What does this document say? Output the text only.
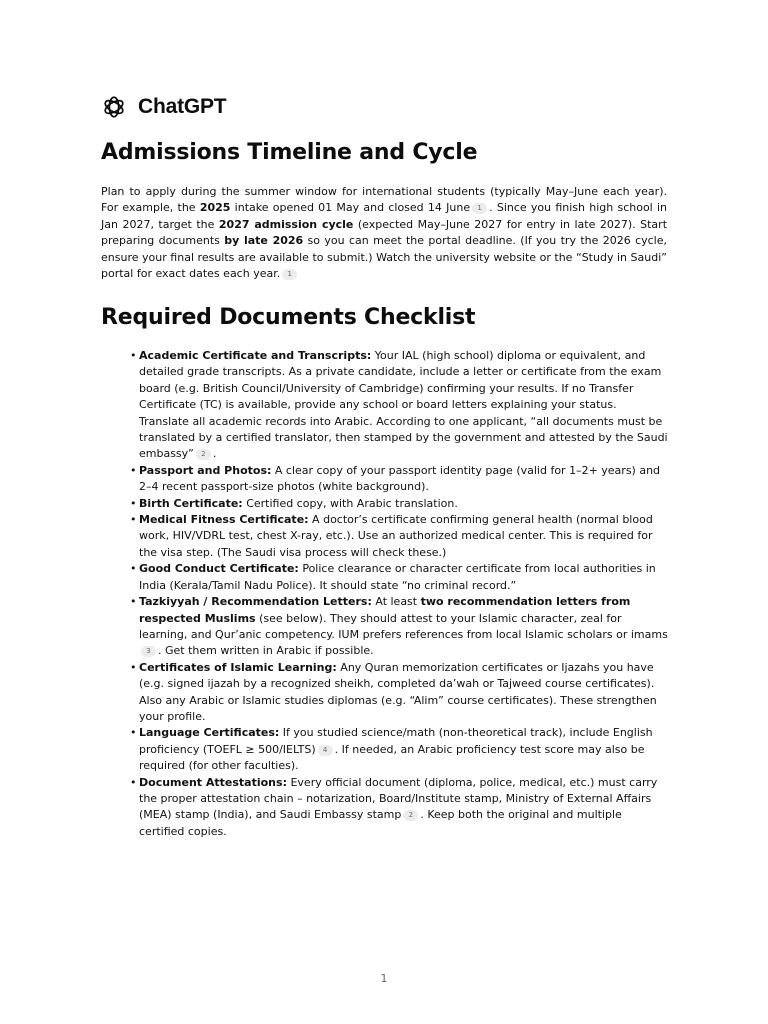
ChatGPT
Admissions Timeline and Cycle

Plan to apply during the summer window for international students (typically May–June each year). For example, the 2025 intake opened 01 May and closed 14 June 1 . Since you finish high school in Jan 2027, target the 2027 admission cycle (expected May–June 2027 for entry in late 2027). Start preparing documents by late 2026 so you can meet the portal deadline. (If you try the 2026 cycle, ensure your final results are available to submit.) Watch the university website or the “Study in Saudi” portal for exact dates each year. 1

Required Documents Checklist
• Academic Certificate and Transcripts: Your IAL (high school) diploma or equivalent, and detailed grade transcripts. As a private candidate, include a letter or certificate from the exam board (e.g. British Council/University of Cambridge) confirming your results. If no Transfer Certificate (TC) is available, provide any school or board letters explaining your status. Translate all academic records into Arabic. According to one applicant, “all documents must be translated by a certified translator, then stamped by the government and attested by the Saudi embassy” 2 .
• Passport and Photos: A clear copy of your passport identity page (valid for 1–2+ years) and 2–4 recent passport-size photos (white background).
• Birth Certificate: Certified copy, with Arabic translation.
• Medical Fitness Certificate: A doctor’s certificate confirming general health (normal blood work, HIV/VDRL test, chest X-ray, etc.). Use an authorized medical center. This is required for the visa step. (The Saudi visa process will check these.)
• Good Conduct Certificate: Police clearance or character certificate from local authorities in India (Kerala/Tamil Nadu Police). It should state “no criminal record.”
• Tazkiyyah / Recommendation Letters: At least two recommendation letters from respected Muslims (see below). They should attest to your Islamic character, zeal for learning, and Qur’anic competency. IUM prefers references from local Islamic scholars or imams3 . Get them written in Arabic if possible.
• Certificates of Islamic Learning: Any Quran memorization certificates or Ijazahs you have (e.g. signed ijazah by a recognized sheikh, completed da’wah or Tajweed course certificates). Also any Arabic or Islamic studies diplomas (e.g. “Alim” course certificates). These strengthen your profile.
• Language Certificates: If you studied science/math (non-theoretical track), include English proficiency (TOEFL ≥ 500/IELTS) 4 . If needed, an Arabic proficiency test score may also be required (for other faculties).
• Document Attestations: Every official document (diploma, police, medical, etc.) must carry the proper attestation chain – notarization, Board/Institute stamp, Ministry of External Affairs (MEA) stamp (India), and Saudi Embassy stamp 2 . Keep both the original and multiple certified copies.
1
